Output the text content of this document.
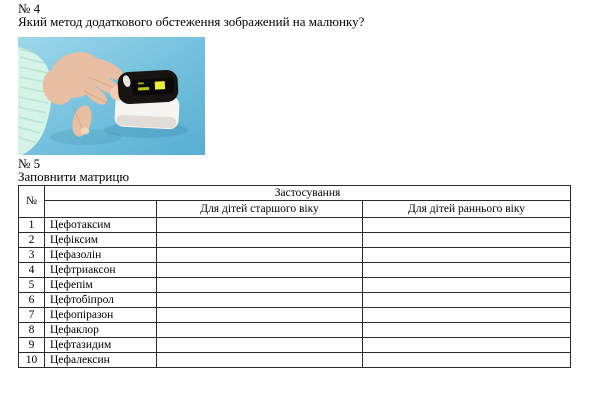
№ 4
Який метод додаткового обстеження зображений на малюнку?
№ 5
Заповнити матрицю
№	Застосування		
		Для дітей старшого віку	Для дітей раннього віку
1	Цефотаксим		
2	Цефіксим		
3	Цефазолін		
4	Цефтриаксон		
5	Цефепім		
6	Цефтобіпрол		
7	Цефопіразон		
8	Цефаклор		
9	Цефтазидим		
10	Цефалексин		
